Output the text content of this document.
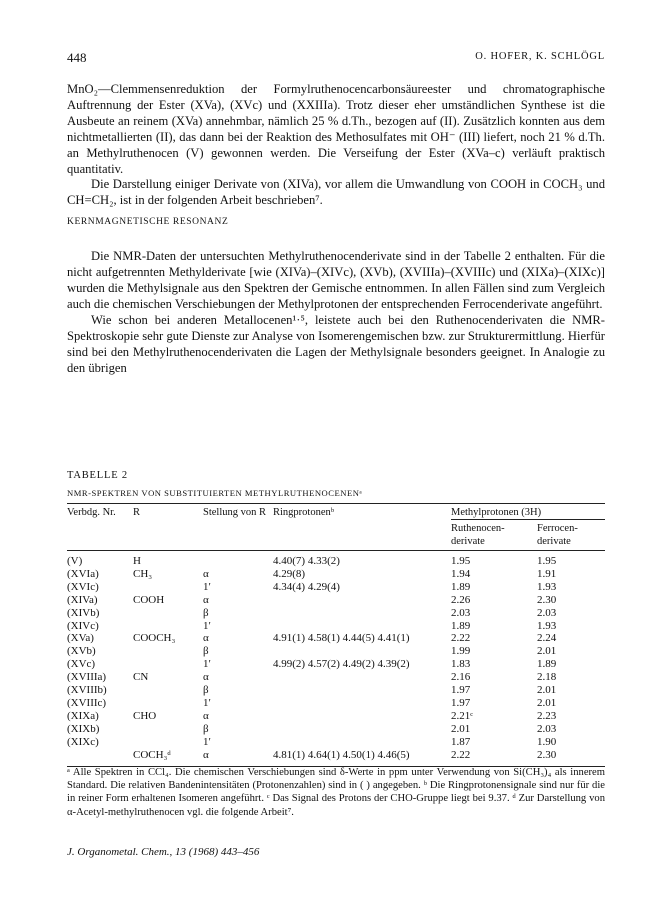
448	O. HOFER, K. SCHLÖGL

MnO₂—Clemmensenreduktion der Formylruthenocencarbonsäureester und chromatographische Auftrennung der Ester (XVa), (XVc) und (XXIIIa). Trotz dieser eher umständlichen Synthese ist die Ausbeute an reinem (XVa) annehmbar, nämlich 25 % d.Th., bezogen auf (II). Zusätzlich konnten aus dem nichtmetallierten (II), das dann bei der Reaktion des Methosulfates mit OH⁻ (III) liefert, noch 21 % d.Th. an Methylruthenocen (V) gewonnen werden. Die Verseifung der Ester (XVa–c) verläuft praktisch quantitativ.

Die Darstellung einiger Derivate von (XIVa), vor allem die Umwandlung von COOH in COCH₃ und CH=CH₂, ist in der folgenden Arbeit beschrieben⁷.

KERNMAGNETISCHE RESONANZ

Die NMR-Daten der untersuchten Methylruthenocenderivate sind in der Tabelle 2 enthalten. Für die nicht aufgetrennten Methylderivate [wie (XIVa)–(XIVc), (XVb), (XVIIIa)–(XVIIIc) und (XIXa)–(XIXc)] wurden die Methylsignale aus den Spektren der Gemische entnommen. In allen Fällen sind zum Vergleich auch die chemischen Verschiebungen der Methylprotonen der entsprechenden Ferrocenderivate angeführt.

Wie schon bei anderen Metallocenen¹·⁵, leistete auch bei den Ruthenocenderivaten die NMR-Spektroskopie sehr gute Dienste zur Analyse von Isomerengemischen bzw. zur Strukturermittlung. Hierfür sind bei den Methylruthenocenderivaten die Lagen der Methylsignale besonders geeignet. In Analogie zu den übrigen

TABELLE 2
NMR-SPEKTREN VON SUBSTITUIERTEN METHYLRUTHENOCENENᵃ
Verbdg. Nr.	R	Stellung von R	Ringprotonenᵇ	Methylprotonen (3H)	

				Ruthenocen-derivate	Ferrocen-derivate
(V)	H		4.40(7) 4.33(2)	1.95	1.95
(XVIa)	CH₃	α	4.29(8)	1.94	1.91
(XVIc)		1′	4.34(4) 4.29(4)	1.89	1.93
(XIVa)	COOH	α		2.26	2.30
(XIVb)		β		2.03	2.03
(XIVc)		1′		1.89	1.93
(XVa)	COOCH₃	α	4.91(1) 4.58(1) 4.44(5) 4.41(1)	2.22	2.24
(XVb)		β		1.99	2.01
(XVc)		1′	4.99(2) 4.57(2) 4.49(2) 4.39(2)	1.83	1.89
(XVIIIa)	CN	α		2.16	2.18
(XVIIIb)		β		1.97	2.01
(XVIIIc)		1′		1.97	2.01
(XIXa)	CHO	α		2.21ᶜ	2.23
(XIXb)		β		2.01	2.03
(XIXc)		1′		1.87	1.90
	COCH₃ᵈ	α	4.81(1) 4.64(1) 4.50(1) 4.46(5)	2.22	2.30

ᵃ Alle Spektren in CCl₄. Die chemischen Verschiebungen sind δ-Werte in ppm unter Verwendung von Si(CH₃)₄ als innerem Standard. Die relativen Bandenintensitäten (Protonenzahlen) sind in ( ) angegeben. ᵇ Die Ringprotonensignale sind nur für die in reiner Form erhaltenen Isomeren angeführt. ᶜ Das Signal des Protons der CHO-Gruppe liegt bei 9.37. ᵈ Zur Darstellung von α-Acetyl-methylruthenocen vgl. die folgende Arbeit⁷.

J. Organometal. Chem., 13 (1968) 443–456
